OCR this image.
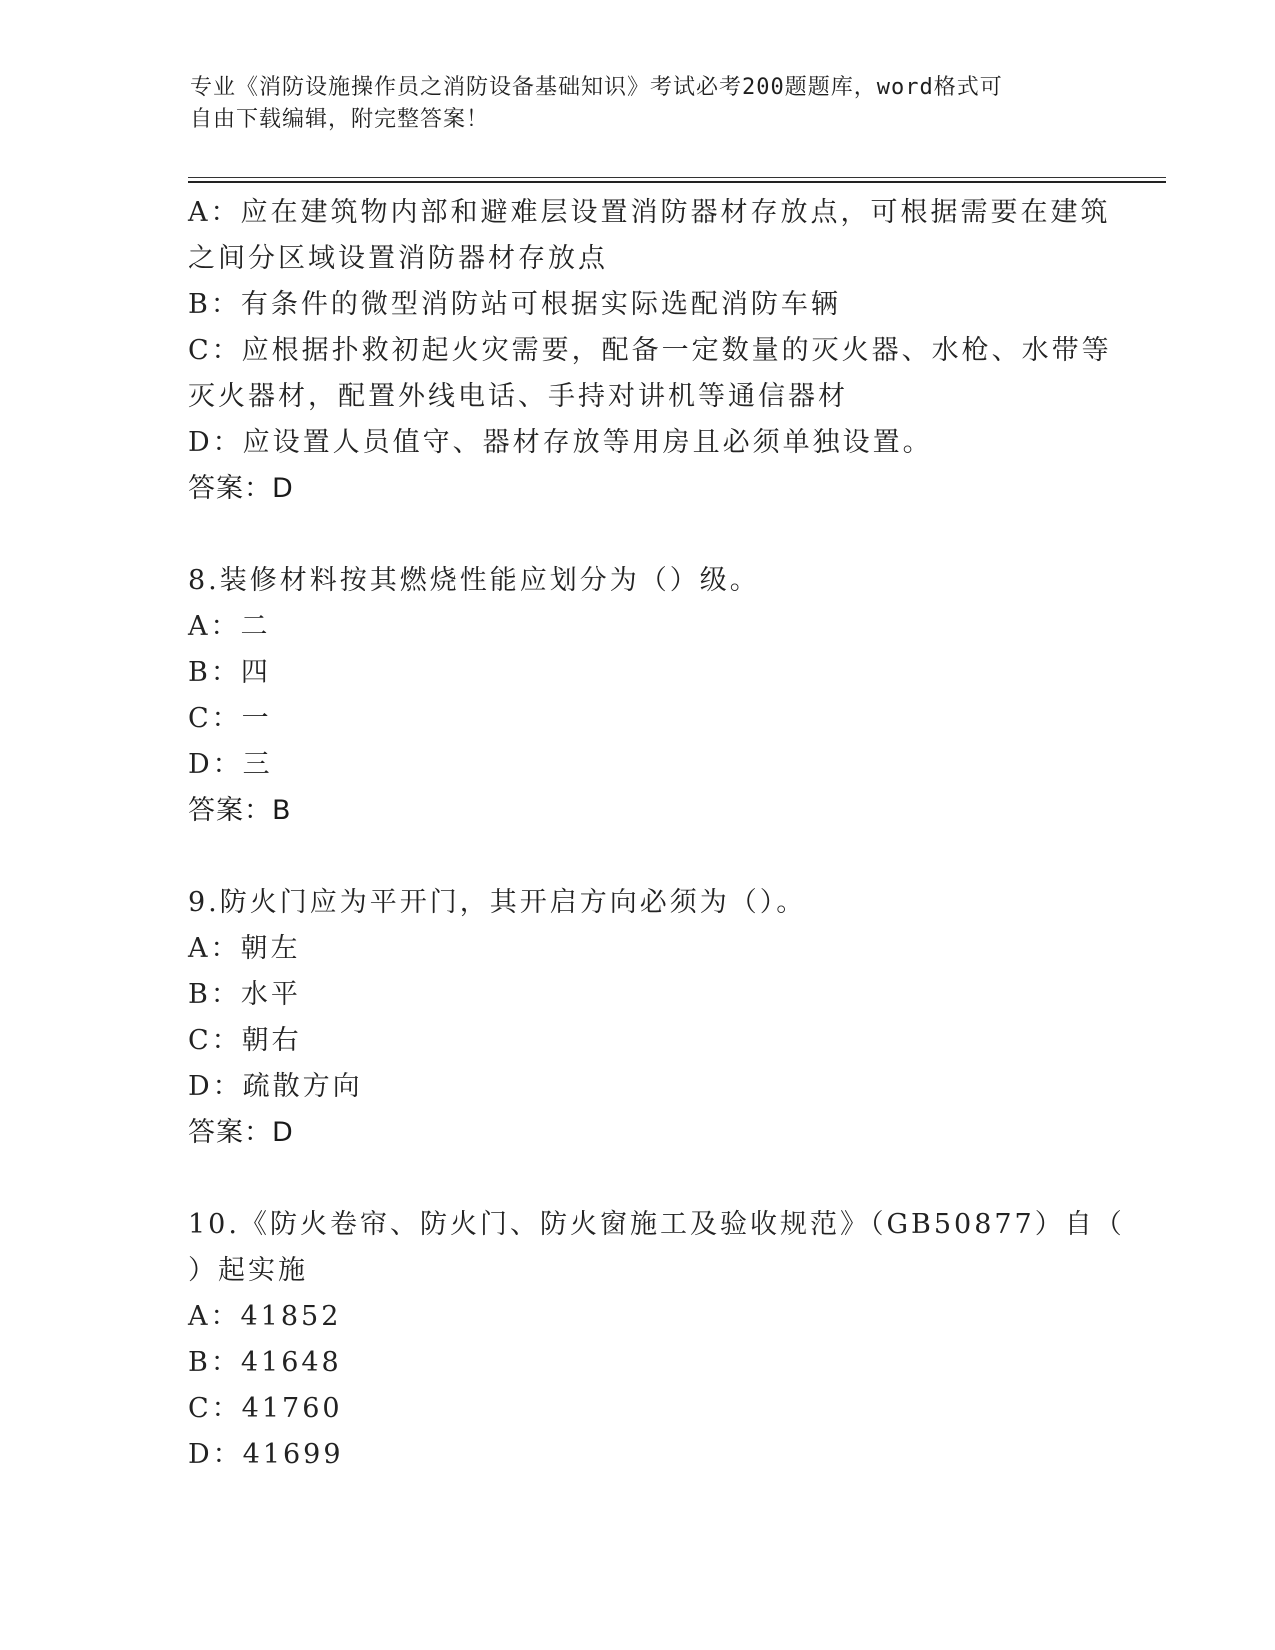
专业《消防设施操作员之消防设备基础知识》考试必考200题题库，word格式可
自由下载编辑，附完整答案！
A：应在建筑物内部和避难层设置消防器材存放点，可根据需要在建筑
之间分区域设置消防器材存放点
B：有条件的微型消防站可根据实际选配消防车辆
C：应根据扑救初起火灾需要，配备一定数量的灭火器、水枪、水带等
灭火器材，配置外线电话、手持对讲机等通信器材
D：应设置人员值守、器材存放等用房且必须单独设置。
答案：D
8.装修材料按其燃烧性能应划分为（）级。
A：二
B：四
C：一
D：三
答案：B
9.防火门应为平开门，其开启方向必须为（）。
A：朝左
B：水平
C：朝右
D：疏散方向
答案：D
10.《防火卷帘、防火门、防火窗施工及验收规范》（GB50877）自（
）起实施
A：41852
B：41648
C：41760
D：41699
